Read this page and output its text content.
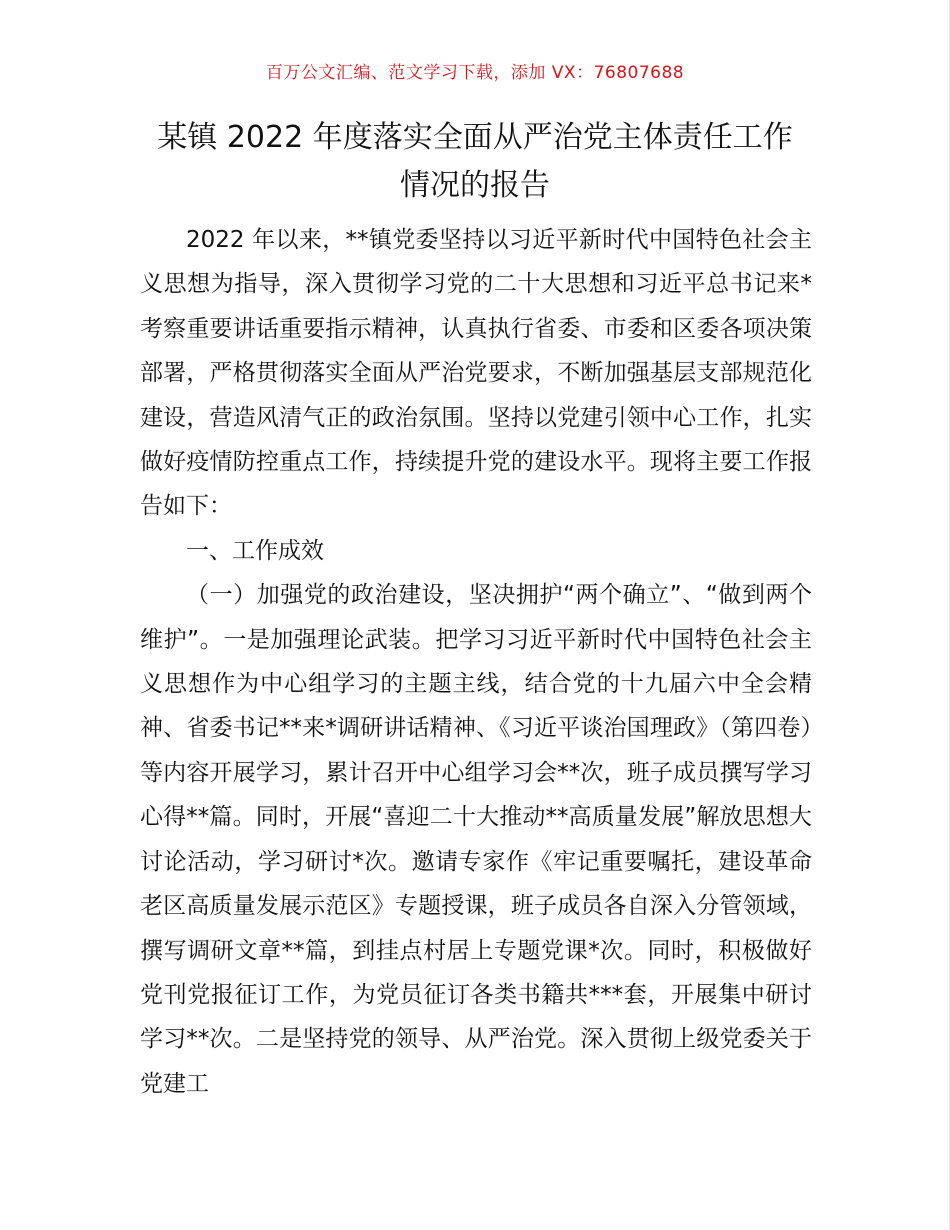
百万公文汇编、范文学习下载，添加 VX：76807688
某镇 2022 年度落实全面从严治党主体责任工作
情况的报告

2022 年以来，**镇党委坚持以习近平新时代中国特色社会主义思想为指导，深入贯彻学习党的二十大思想和习近平总书记来*考察重要讲话重要指示精神，认真执行省委、市委和区委各项决策部署，严格贯彻落实全面从严治党要求，不断加强基层支部规范化建设，营造风清气正的政治氛围。坚持以党建引领中心工作，扎实做好疫情防控重点工作，持续提升党的建设水平。现将主要工作报告如下：

一、工作成效

（一）加强党的政治建设，坚决拥护“两个确立”、“做到两个维护”。一是加强理论武装。把学习习近平新时代中国特色社会主义思想作为中心组学习的主题主线，结合党的十九届六中全会精神、省委书记**来*调研讲话精神、《习近平谈治国理政》（第四卷）等内容开展学习，累计召开中心组学习会**次，班子成员撰写学习心得**篇。同时，开展“喜迎二十大推动**高质量发展”解放思想大讨论活动，学习研讨*次。邀请专家作《牢记重要嘱托，建设革命老区高质量发展示范区》专题授课，班子成员各自深入分管领域，撰写调研文章**篇，到挂点村居上专题党课*次。同时，积极做好党刊党报征订工作，为党员征订各类书籍共***套，开展集中研讨学习**次。二是坚持党的领导、从严治党。深入贯彻上级党委关于党建工
